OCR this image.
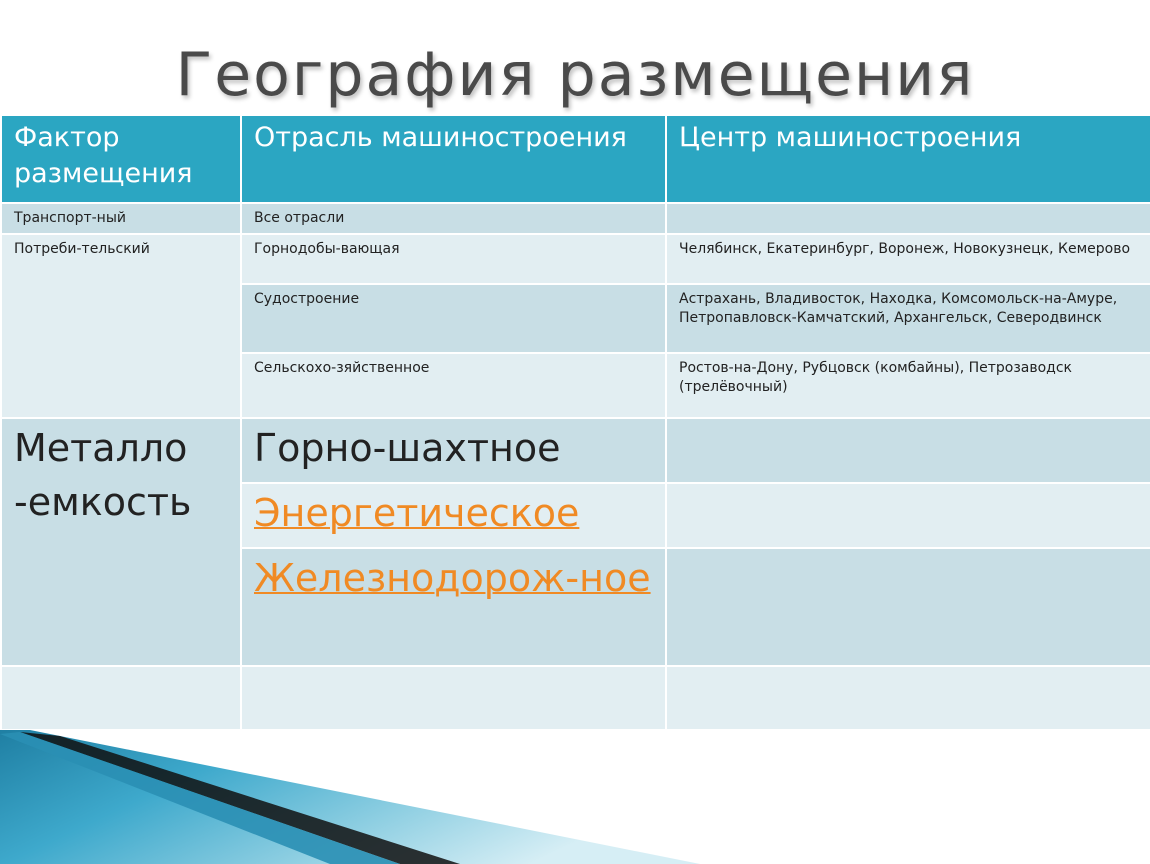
География размещения
Фактор размещения	Отрасль машиностроения	Центр машиностроения
Транспорт-ный	Все отрасли	
Потреби-тельский	Горнодобы-вающая	Челябинск, Екатеринбург, Воронеж, Новокузнецк, Кемерово
	Судостроение	Астрахань, Владивосток, Находка, Комсомольск-на-Амуре, Петропавловск-Камчатский, Архангельск, Северодвинск
	Сельскохо-зяйственное	Ростов-на-Дону, Рубцовск (комбайны), Петрозаводск (трелёвочный)
Металло -емкость	Горно-шахтное	
	Энергетическое	
	Железнодорож-ное	
